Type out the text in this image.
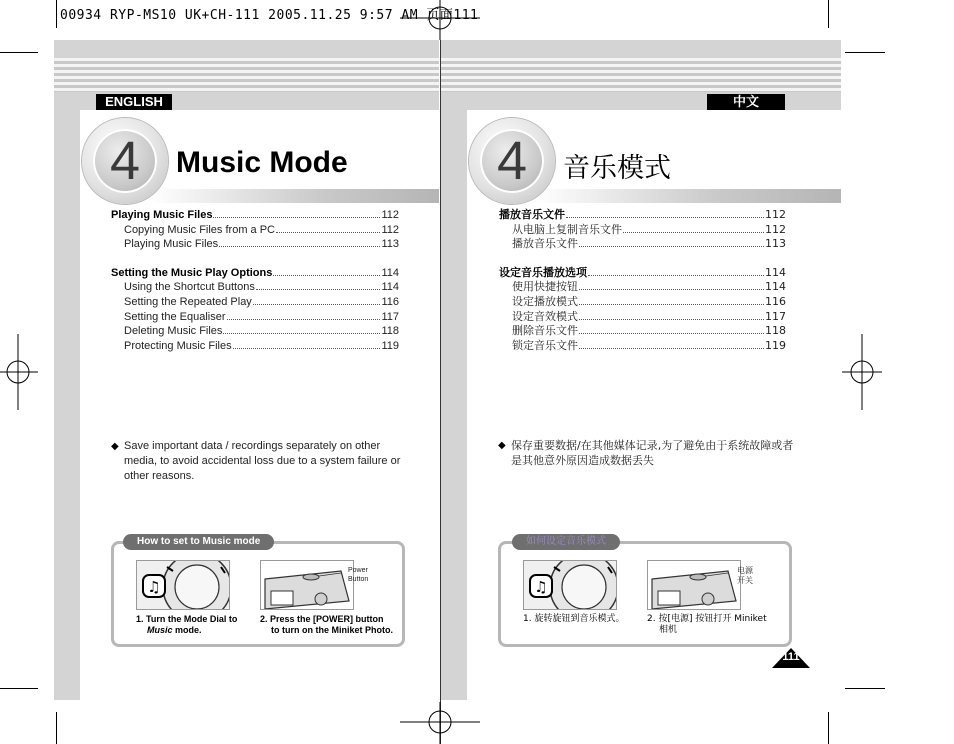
00934 RYP-MS10 UK+CH-111 2005.11.25 9:57 AM 页面111
ENGLISH
4	Music Mode
Playing Music Files	112
Copying Music Files from a PC	112
Playing Music Files	113
Setting the Music Play Options	114
Using the Shortcut Buttons	114
Setting the Repeated Play	116
Setting the Equaliser	117
Deleting Music Files	118
Protecting Music Files	119
◆ Save important data / recordings separately on other media, to avoid accidental loss due to a system failure or other reasons.
♫
Power Button
1. Turn the Mode Dial to
Music mode.
2. Press the [POWER] button
to turn on the Miniket Photo.
How to set to Music mode
中文
4	音乐模式
播放音乐文件	112
从电脑上复制音乐文件	112
播放音乐文件	113
设定音乐播放选项	114
使用快捷按钮	114
设定播放模式	116
设定音效模式	117
删除音乐文件	118
锁定音乐文件	119
◆ 保存重要数据/在其他媒体记录,为了避免由于系统故障或者是其他意外原因造成数据丢失
♫
电源开关
1. 旋转旋钮到音乐模式。	2. 按[电源] 按钮打开 Miniket
相机
如何设定音乐模式
111
